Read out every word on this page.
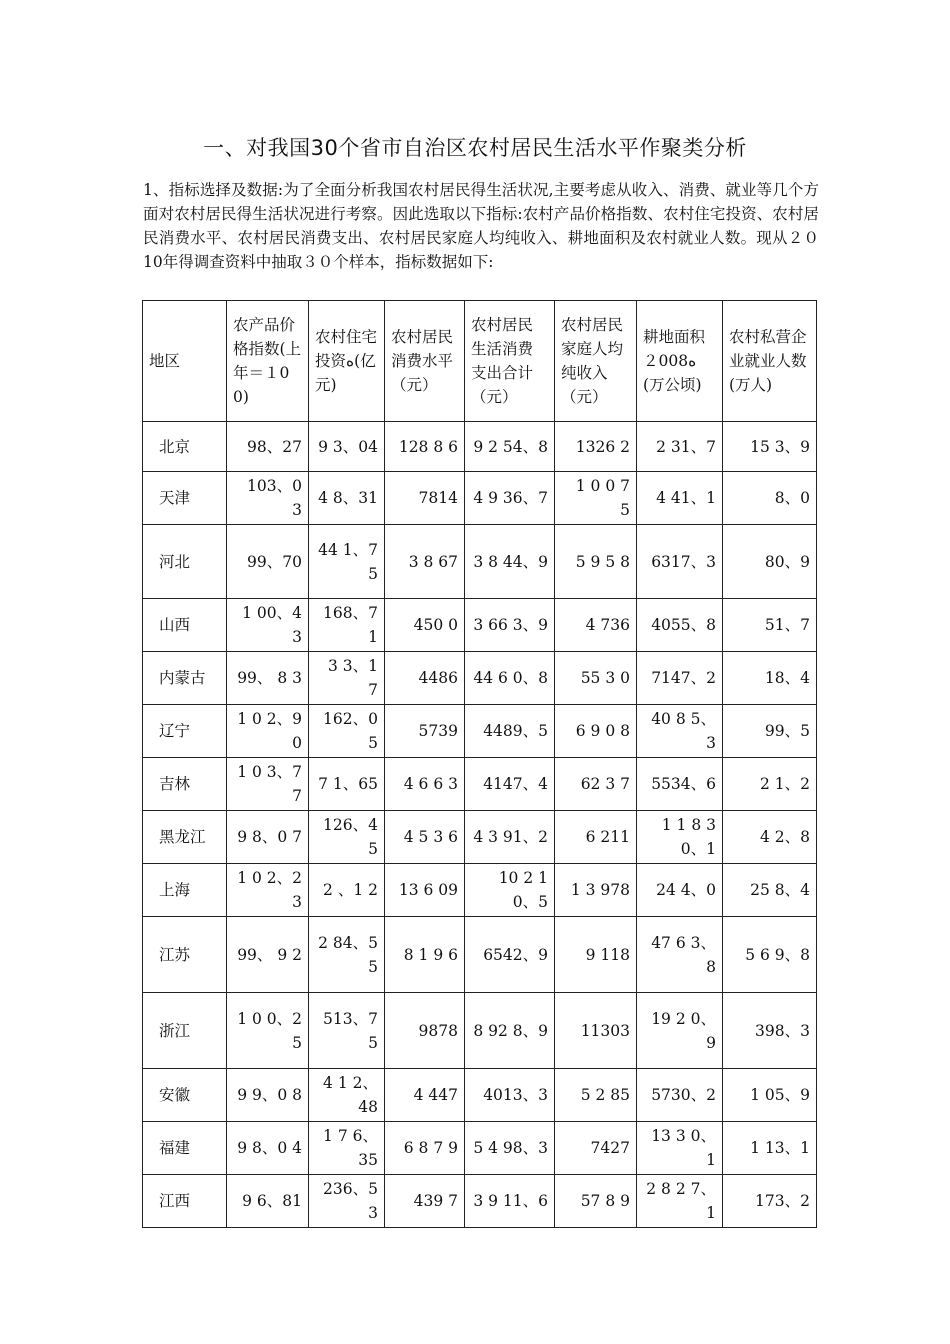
一、对我国30个省市自治区农村居民生活水平作聚类分析
1、指标选择及数据:为了全面分析我国农村居民得生活状况,主要考虑从收入、消费、就业等几个方面对农村居民得生活状况进行考察。因此选取以下指标:农村产品价格指数、农村住宅投资、农村居民消费水平、农村居民消费支出、农村居民家庭人均纯收入、耕地面积及农村就业人数。现从２０10年得调查资料中抽取３０个样本，指标数据如下:
地区	农产品价格指数(上年＝１00)	农村住宅投资ﻩ(亿元)	农村居民消费水平（元）	农村居民生活消费支出合计（元）	农村居民家庭人均纯收入（元）	耕地面积２008ﻩ(万公顷)	农村私营企业就业人数(万人)
北京	98、27	9 3、04	128 8 6	9 2 54、8	1326 2	2 31、7	15 3、9
天津	103、0 3	4 8、31	7814	4 9 36、7	1 0 0 7 5	4 41、1	8、0
河北	99、70	44 1、7 5	3 8 67	3 8 44、9	5 9 5 8	6317、3	80、9
山西	1 00、43	168、7 1	450 0	3 66 3、9	4 736	4055、8	51、7
内蒙古	99、 8 3	3 3、1 7	4486	44 6 0、8	55 3 0	7147、2	18、4
辽宁	1 0 2、90	162、0 5	5739	4489、5	6 9 0 8	40 8 5、3	99、5
吉林	1 0 3、7 7	7 1、65	4 6 6 3	4147、4	62 3 7	5534、6	2 1、2
黑龙江	9 8、0 7	126、4 5	4 5 3 6	4 3 91、2	6 211	1 1 8 3 0、1	4 2、8
上海	1 0 2、23	2 、1 2	13 6 09	10 2 1 0、5	1 3 978	24 4、0	25 8、4
江苏	99、 9 2	2 84、5 5	8 1 9 6	6542、9	9 118	47 6 3、8	5 6 9、8
浙江	1 0 0、2 5	513、7 5	9878	8 92 8、9	11303	19 2 0、9	398、3
安徽	9 9、0 8	4 1 2、48	4 447	4013、3	5 2 85	5730、2	1 05、9
福建	9 8、0 4	1 7 6、35	6 8 7 9	5 4 98、3	7427	13 3 0、1	1 13、1
江西	9 6、81	236、5 3	439 7	3 9 11、6	57 8 9	2 8 2 7、1	173、2
